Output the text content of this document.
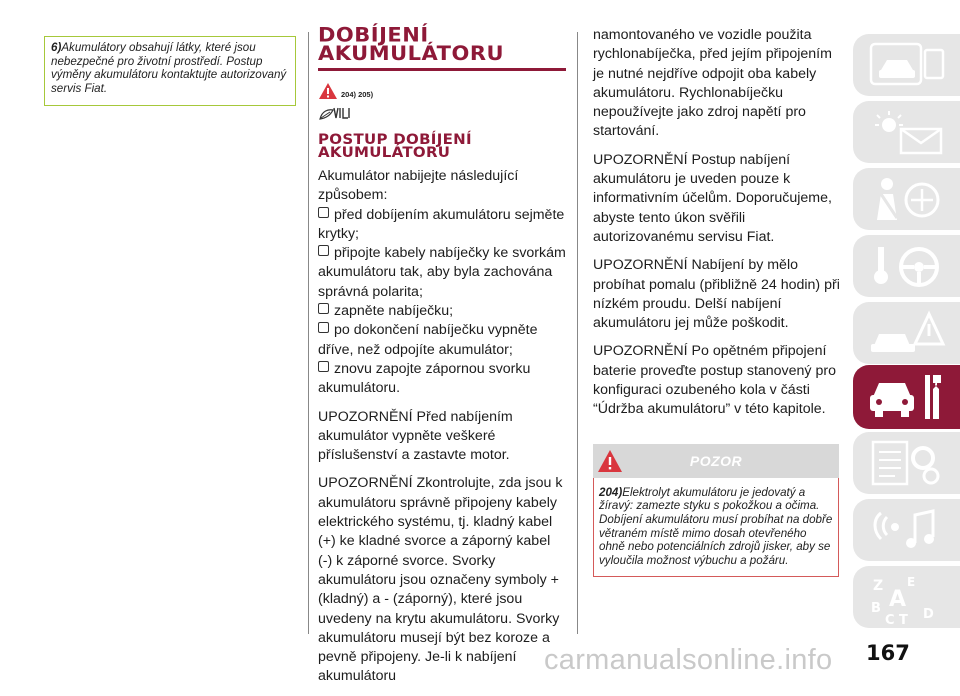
6)Akumulátory obsahují látky, které jsou nebezpečné pro životní prostředí. Postup výměny akumulátoru kontaktujte autorizovaný servis Fiat.
DOBÍJENÍ
AKUMULÁTORU
204) 205)
POSTUP DOBÍJENÍ
AKUMULÁTORU

Akumulátor nabijejte následující způsobem:

před dobíjením akumulátoru sejměte krytky;
připojte kabely nabíječky ke svorkám akumulátoru tak, aby byla zachována správná polarita;
zapněte nabíječku;
po dokončení nabíječku vypněte dříve, než odpojíte akumulátor;
znovu zapojte zápornou svorku akumulátoru.

UPOZORNĚNÍ Před nabíjením akumulátor vypněte veškeré příslušenství a zastavte motor.

UPOZORNĚNÍ Zkontrolujte, zda jsou k akumulátoru správně připojeny kabely elektrického systému, tj. kladný kabel (+) ke kladné svorce a záporný kabel (-) k záporné svorce. Svorky akumulátoru jsou označeny symboly + (kladný) a - (záporný), které jsou uvedeny na krytu akumulátoru. Svorky akumulátoru musejí být bez koroze a pevně připojeny. Je-li k nabíjení akumulátoru

namontovaného ve vozidle použita rychlonabíječka, před jejím připojením je nutné nejdříve odpojit oba kabely akumulátoru. Rychlonabíječku nepoužívejte jako zdroj napětí pro startování.

UPOZORNĚNÍ Postup nabíjení akumulátoru je uveden pouze k informativním účelům. Doporučujeme, abyste tento úkon svěřili autorizovanému servisu Fiat.

UPOZORNĚNÍ Nabíjení by mělo probíhat pomalu (přibližně 24 hodin) při nízkém proudu. Delší nabíjení akumulátoru jej může poškodit.

UPOZORNĚNÍ Po opětném připojení baterie proveďte postup stanovený pro konfiguraci ozubeného kola v části “Údržba akumulátoru” v této kapitole.

POZOR
204)Elektrolyt akumulátoru je jedovatý a žíravý: zamezte styku s pokožkou a očima. Dobíjení akumulátoru musí probíhat na dobře větraném místě mimo dosah otevřeného ohně nebo potenciálních zdrojů jisker, aby se vyloučila možnost výbuchu a požáru.
Z E
A
B
C T D
carmanualsonline.info 167
